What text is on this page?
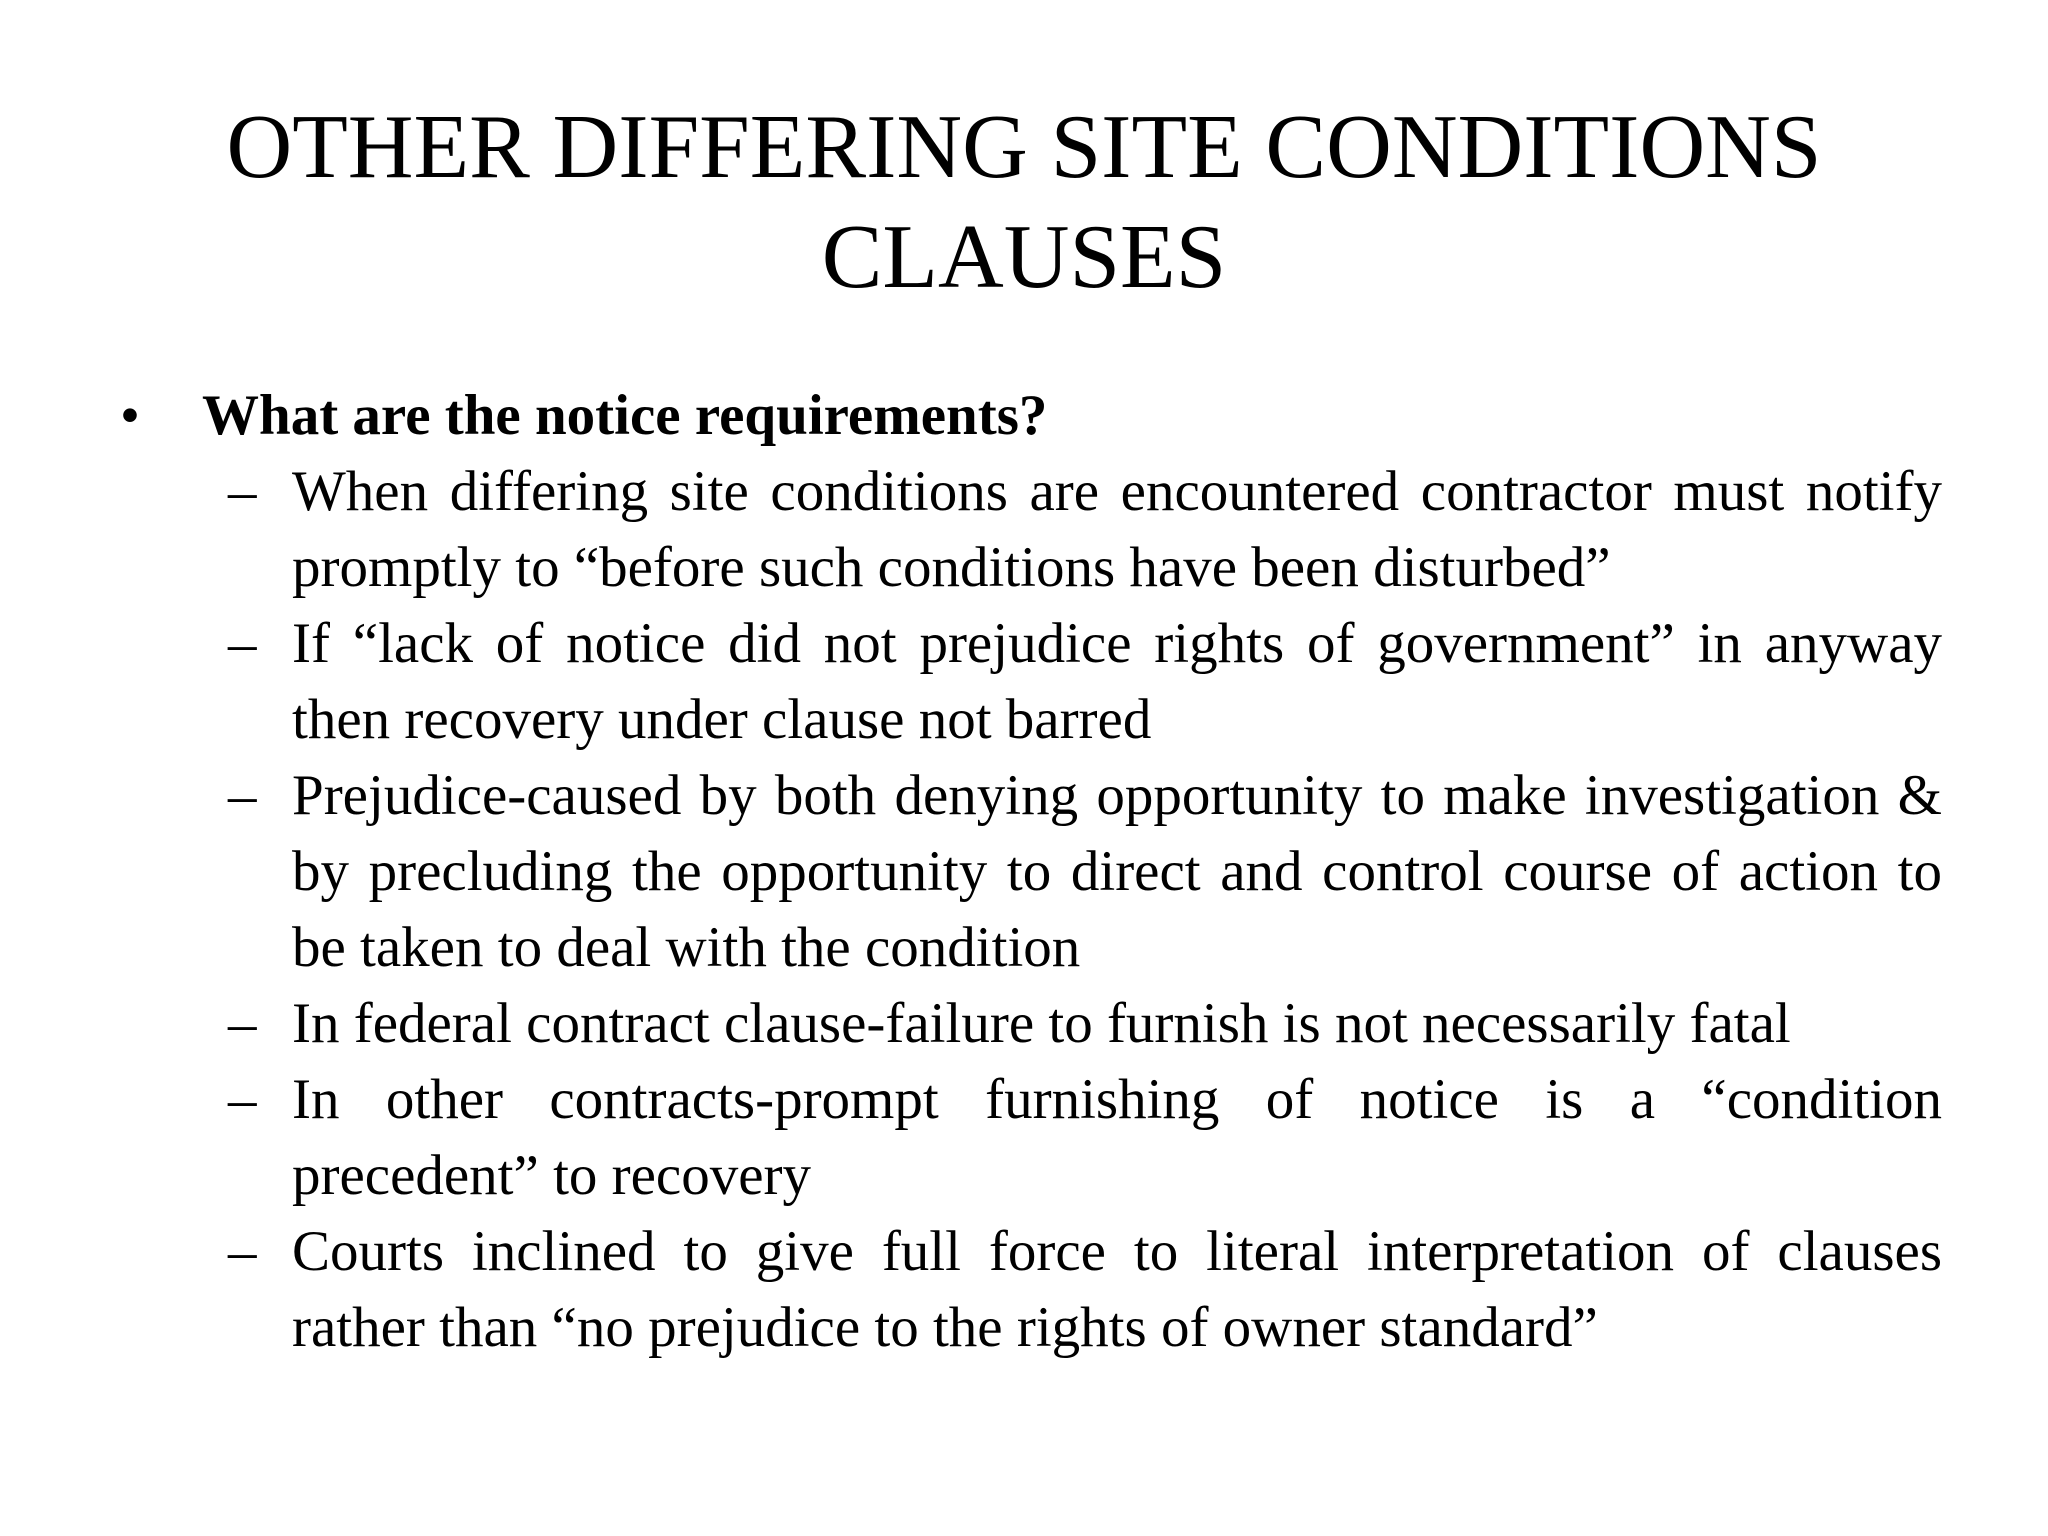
OTHER DIFFERING SITE CONDITIONS
CLAUSES
• What are the notice requirements?
– When differing site conditions are encountered contractor must notify promptly to “before such conditions have been disturbed”
– If “lack of notice did not prejudice rights of government” in anyway then recovery under clause not barred
– Prejudice-caused by both denying opportunity to make investigation & by precluding the opportunity to direct and control course of action to be taken to deal with the condition
– In federal contract clause-failure to furnish is not necessarily fatal
– In other contracts-prompt furnishing of notice is a “condition precedent” to recovery
– Courts inclined to give full force to literal interpretation of clauses rather than “no prejudice to the rights of owner standard”
